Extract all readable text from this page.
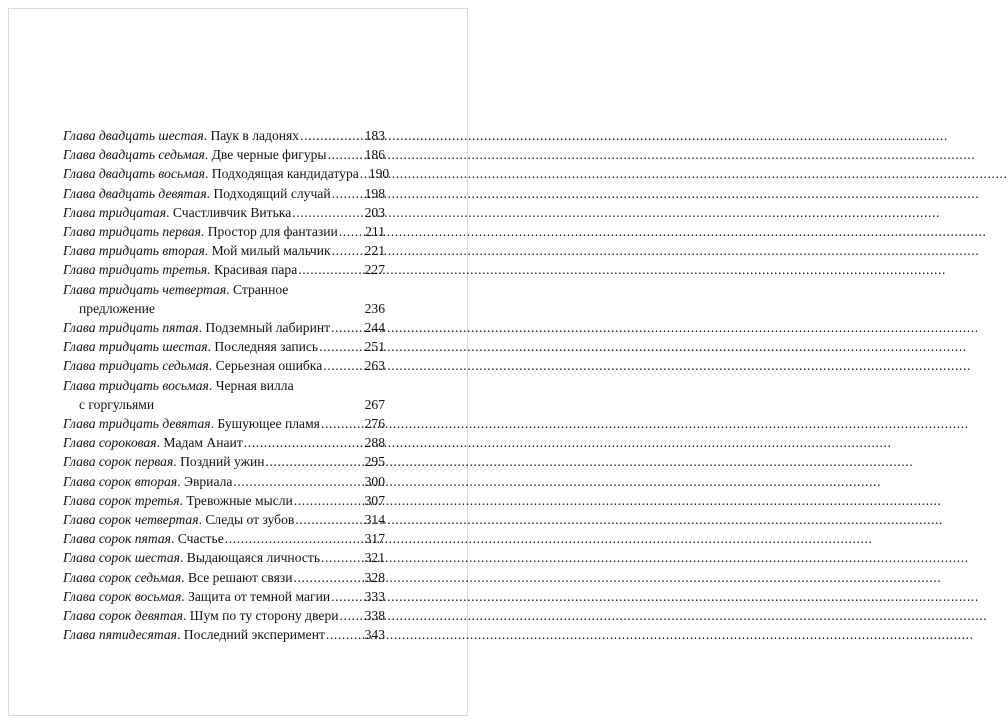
Глава двадцать шестая. Паук в ладонях .....	183
Глава двадцать седьмая. Две черные фигуры .....	186
Глава двадцать восьмая. Подходящая кандидатура ..... 190
Глава двадцать девятая. Подходящий случай .....	198
Глава тридцатая. Счастливчик Витька .....	203
Глава тридцать первая. Простор для фантазии ..... 211
Глава тридцать вторая. Мой милый мальчик .....	221
Глава тридцать третья. Красивая пара .....	227
Глава тридцать четвертая. Странное
предложение	236
Глава тридцать пятая. Подземный лабиринт .....	244
Глава тридцать шестая. Последняя запись .....	251
Глава тридцать седьмая. Серьезная ошибка .....	263
Глава тридцать восьмая. Черная вилла
с горгульями	267
Глава тридцать девятая. Бушующее пламя .....	276
Глава сороковая. Мадам Анаит .....	288
Глава сорок первая. Поздний ужин .....	295
Глава сорок вторая. Эвриала .....	300
Глава сорок третья. Тревожные мысли .....	307
Глава сорок четвертая. Следы от зубов .....	314
Глава сорок пятая. Счастье .....	317
Глава сорок шестая. Выдающаяся личность .....	321
Глава сорок седьмая. Все решают связи .....	328
Глава сорок восьмая. Защита от темной магии .....	333
Глава сорок девятая. Шум по ту сторону двери ..... 338
Глава пятидесятая. Последний эксперимент .....	343
